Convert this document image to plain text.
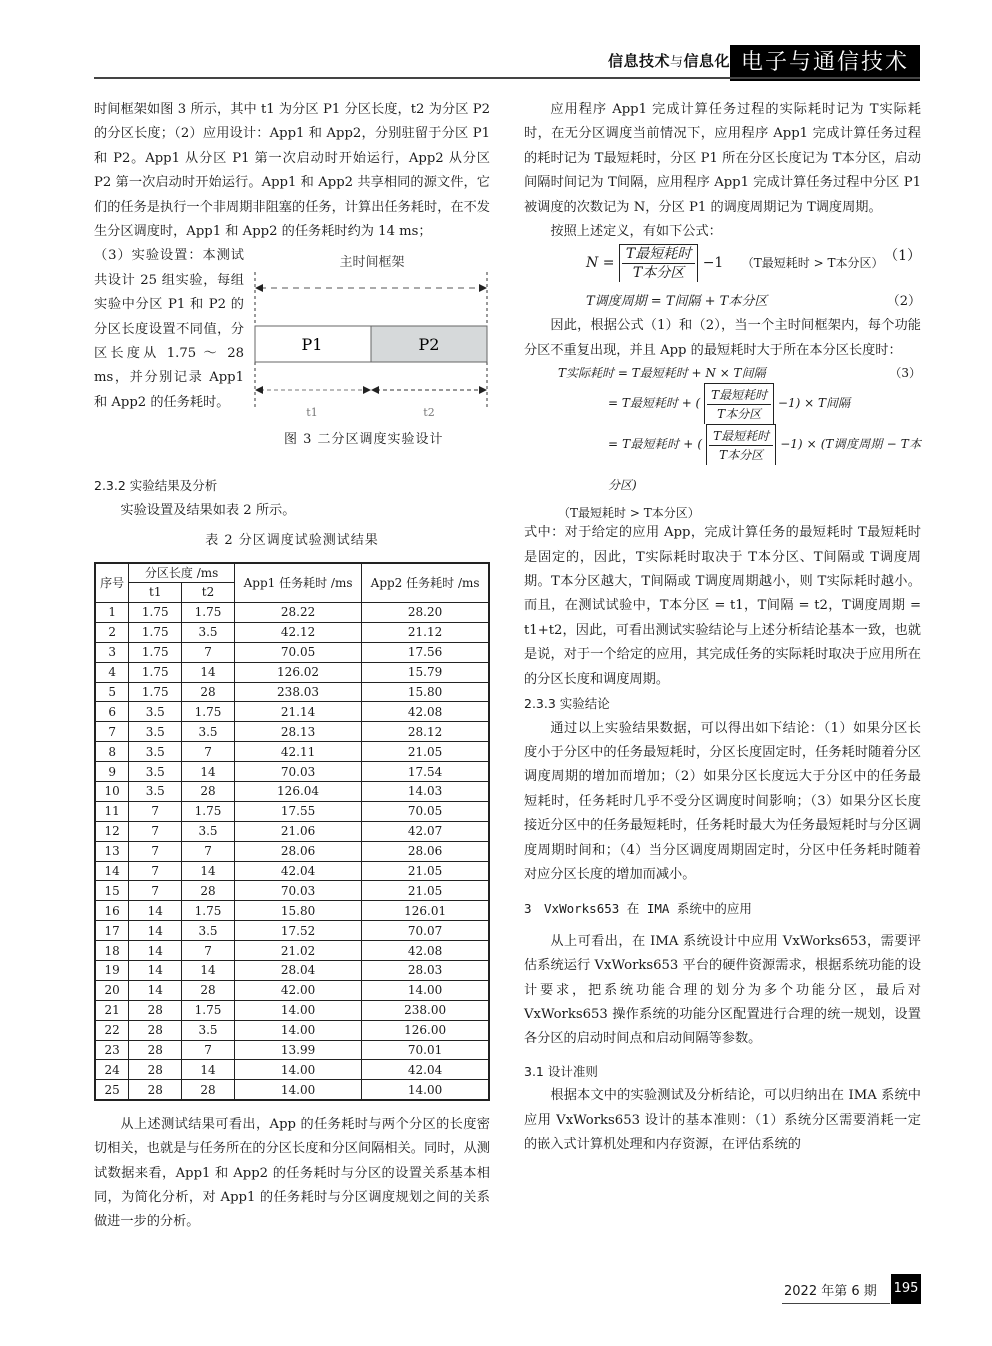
信息技术与信息化 电子与通信技术

时间框架如图 3 所示，其中 t1 为分区 P1 分区长度，t2 为分区 P2 的分区长度；（2）应用设计：App1 和 App2，分别驻留于分区 P1 和 P2。App1 从分区 P1 第一次启动时开始运行，App2 从分区 P2 第一次启动时开始运行。App1 和 App2 共享相同的源文件，它们的任务是执行一个非周期非阻塞的任务，计算出任务耗时，在不发生分区调度时，App1 和 App2 的任务耗时约为 14 ms；

（3）实验设置：本测试共设计 25 组实验，每组实验中分区 P1 和 P2 的分区长度设置不同值，分区长度从 1.75 ～ 28 ms，并分别记录 App1 和 App2 的任务耗时。

主时间框架
P1	P2
t1	t2
图 3 二分区调度实验设计

2.3.2 实验结果及分析

实验设置及结果如表 2 所示。

表 2 分区调度试验测试结果
序号	分区长度 /ms		App1 任务耗时 /ms	App2 任务耗时 /ms
	t1	t2		
1	1.75	1.75	28.22	28.20
2	1.75	3.5	42.12	21.12
3	1.75	7	70.05	17.56
4	1.75	14	126.02	15.79
5	1.75	28	238.03	15.80
6	3.5	1.75	21.14	42.08
7	3.5	3.5	28.13	28.12
8	3.5	7	42.11	21.05
9	3.5	14	70.03	17.54
10	3.5	28	126.04	14.03
11	7	1.75	17.55	70.05
12	7	3.5	21.06	42.07
13	7	7	28.06	28.06
14	7	14	42.04	21.05
15	7	28	70.03	21.05
16	14	1.75	15.80	126.01
17	14	3.5	17.52	70.07
18	14	7	21.02	42.08
19	14	14	28.04	28.03
20	14	28	42.00	14.00
21	28	1.75	14.00	238.00
22	28	3.5	14.00	126.00
23	28	7	13.99	70.01
24	28	14	14.00	42.04
25	28	28	14.00	14.00

从上述测试结果可看出，App 的任务耗时与两个分区的长度密切相关，也就是与任务所在的分区长度和分区间隔相关。同时，从测试数据来看，App1 和 App2 的任务耗时与分区的设置关系基本相同，为简化分析，对 App1 的任务耗时与分区调度规划之间的关系做进一步的分析。

应用程序 App1 完成计算任务过程的实际耗时记为 T实际耗时，在无分区调度当前情况下，应用程序 App1 完成计算任务过程的耗时记为 T最短耗时，分区 P1 所在分区长度记为 T本分区，启动间隔时间记为 T间隔，应用程序 App1 完成计算任务过程中分区 P1 被调度的次数记为 N，分区 P1 的调度周期记为 T调度周期。

按照上述定义，有如下公式：

$N = \frac{\text{T最短耗时}}{\text{T本分区}} -1$ （T最短耗时 > T本分区） （1）
T调度周期 = T间隔 + T本分区	（2）

因此，根据公式（1）和（2），当一个主时间框架内，每个功能分区不重复出现，并且 App 的最短耗时大于所在本分区长度时：

T实际耗时 = T最短耗时 + N × T间隔
= T最短耗时 + ( $\frac{\text{T最短耗时}}{\text{T本分区}} -1) \times T$间隔
= T最短耗时 + ( $\frac{\text{T最短耗时}}{\text{T本分区}} -1) \times (T$调度周期 − T本分区)
（T最短耗时 > T本分区）
（3）

式中：对于给定的应用 App，完成计算任务的最短耗时 T最短耗时是固定的，因此，T实际耗时取决于 T本分区、T间隔或 T调度周期。T本分区越大，T间隔或 T调度周期越小，则 T实际耗时越小。而且，在测试试验中，T本分区 = t1，T间隔 = t2，T调度周期 = t1+t2，因此，可看出测试实验结论与上述分析结论基本一致，也就是说，对于一个给定的应用，其完成任务的实际耗时取决于应用所在的分区长度和调度周期。

2.3.3 实验结论

通过以上实验结果数据，可以得出如下结论：（1）如果分区长度小于分区中的任务最短耗时，分区长度固定时，任务耗时随着分区调度周期的增加而增加；（2）如果分区长度远大于分区中的任务最短耗时，任务耗时几乎不受分区调度时间影响；（3）如果分区长度接近分区中的任务最短耗时，任务耗时最大为任务最短耗时与分区调度周期时间和；（4）当分区调度周期固定时，分区中任务耗时随着对应分区长度的增加而减小。

3　VxWorks653 在 IMA 系统中的应用

从上可看出，在 IMA 系统设计中应用 VxWorks653，需要评估系统运行 VxWorks653 平台的硬件资源需求，根据系统功能的设计要求，把系统功能合理的划分为多个功能分区，最后对 VxWorks653 操作系统的功能分区配置进行合理的统一规划，设置各分区的启动时间点和启动间隔等参数。

3.1 设计准则

根据本文中的实验测试及分析结论，可以归纳出在 IMA 系统中应用 VxWorks653 设计的基本准则：（1）系统分区需要消耗一定的嵌入式计算机处理和内存资源，在评估系统的

2022 年第 6 期 195
